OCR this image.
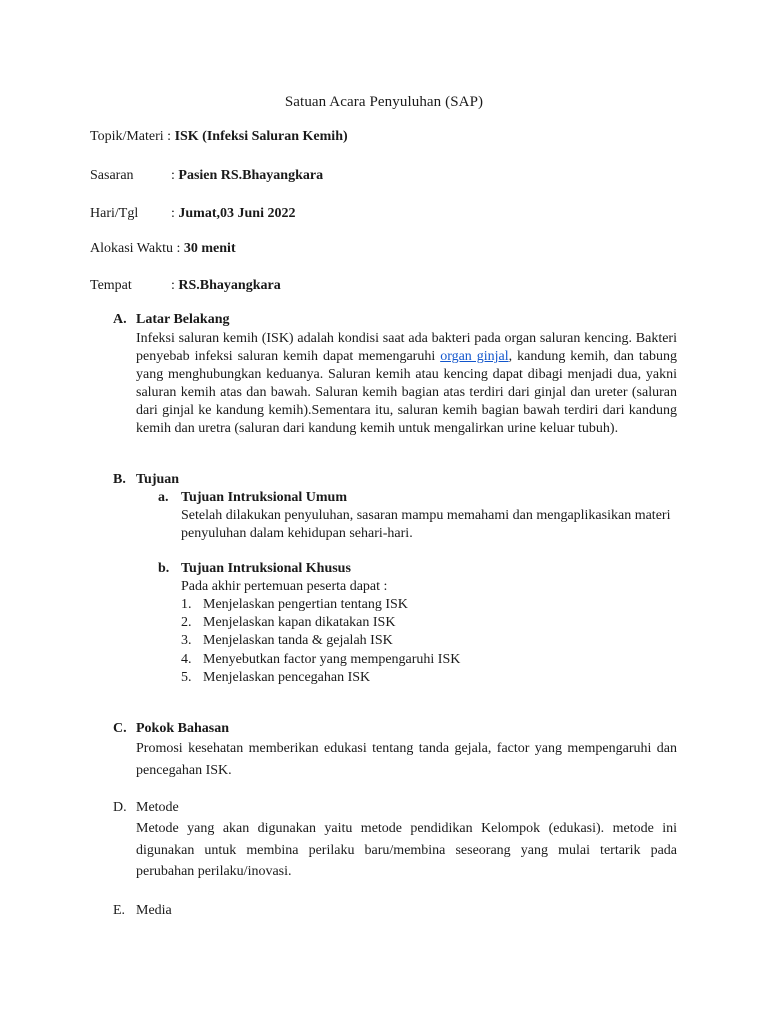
Satuan Acara Penyuluhan (SAP)
Topik/Materi : ISK (Infeksi Saluran Kemih)
Sasaran	: Pasien RS.Bhayangkara
Hari/Tgl : Jumat,03 Juni 2022
Alokasi Waktu : 30 menit
Tempat	: RS.Bhayangkara
A. Latar Belakang
Infeksi saluran kemih (ISK) adalah kondisi saat ada bakteri pada organ saluran kencing. Bakteri penyebab infeksi saluran kemih dapat memengaruhi organ ginjal, kandung kemih, dan tabung yang menghubungkan keduanya. Saluran kemih atau kencing dapat dibagi menjadi dua, yakni saluran kemih atas dan bawah. Saluran kemih bagian atas terdiri dari ginjal dan ureter (saluran dari ginjal ke kandung kemih).Sementara itu, saluran kemih bagian bawah terdiri dari kandung kemih dan uretra (saluran dari kandung kemih untuk mengalirkan urine keluar tubuh).
B. Tujuan
a. Tujuan Intruksional Umum
Setelah dilakukan penyuluhan, sasaran mampu memahami dan mengaplikasikan materi penyuluhan dalam kehidupan sehari-hari.
b. Tujuan Intruksional Khusus
Pada akhir pertemuan peserta dapat :
1. Menjelaskan pengertian tentang ISK
2. Menjelaskan kapan dikatakan ISK
3. Menjelaskan tanda & gejalah ISK
4. Menyebutkan factor yang mempengaruhi ISK
5. Menjelaskan pencegahan ISK
C. Pokok Bahasan
Promosi kesehatan memberikan edukasi tentang tanda gejala, factor yang mempengaruhi dan pencegahan ISK.
D. Metode
Metode yang akan digunakan yaitu metode pendidikan Kelompok (edukasi). metode ini digunakan untuk membina perilaku baru/membina seseorang yang mulai tertarik pada perubahan perilaku/inovasi.
E. Media
